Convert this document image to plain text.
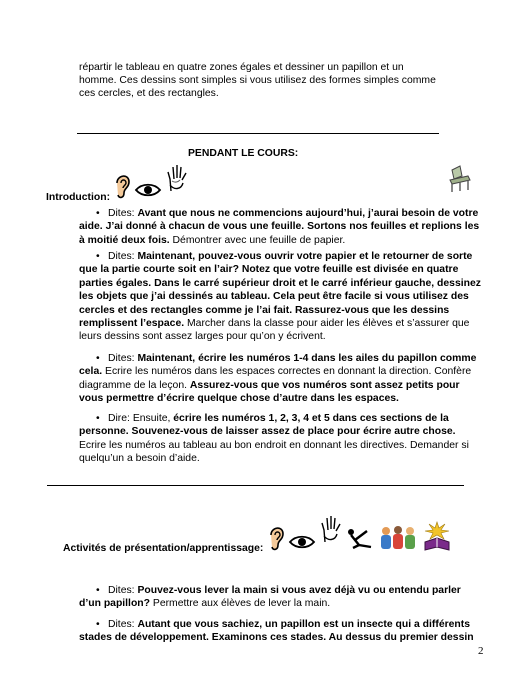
répartir le tableau en quatre zones égales et dessiner un papillon et un
homme. Ces dessins sont simples si vous utilisez des formes simples comme
ces cercles, et des rectangles.
PENDANT LE COURS:
Introduction:
• Dites: Avant que nous ne commencions aujourd’hui, j’aurai besoin de votre
aide. J’ai donné à chacun de vous une feuille. Sortons nos feuilles et replions les
à moitié deux fois. Démontrer avec une feuille de papier.
• Dites: Maintenant, pouvez-vous ouvrir votre papier et le retourner de sorte
que la partie courte soit en l’air? Notez que votre feuille est divisée en quatre
parties égales. Dans le carré supérieur droit et le carré inférieur gauche, dessinez
les objets que j’ai dessinés au tableau. Cela peut être facile si vous utilisez des
cercles et des rectangles comme je l’ai fait. Rassurez-vous que les dessins
remplissent l’espace. Marcher dans la classe pour aider les élèves et s’assurer que
leurs dessins sont assez larges pour qu’on y écrivent.
• Dites: Maintenant, écrire les numéros 1-4 dans les ailes du papillon comme
cela. Ecrire les numéros dans les espaces correctes en donnant la direction. Confère
diagramme de la leçon. Assurez-vous que vos numéros sont assez petits pour
vous permettre d’écrire quelque chose d’autre dans les espaces.
• Dire: Ensuite, écrire les numéros 1, 2, 3, 4 et 5 dans ces sections de la
personne. Souvenez-vous de laisser assez de place pour écrire autre chose.
Ecrire les numéros au tableau au bon endroit en donnant les directives. Demander si
quelqu’un a besoin d’aide.
Activités de présentation/apprentissage:
• Dites: Pouvez-vous lever la main si vous avez déjà vu ou entendu parler
d’un papillon? Permettre aux élèves de lever la main.
• Dites: Autant que vous sachiez, un papillon est un insecte qui a différents
stades de développement. Examinons ces stades. Au dessus du premier dessin
2
